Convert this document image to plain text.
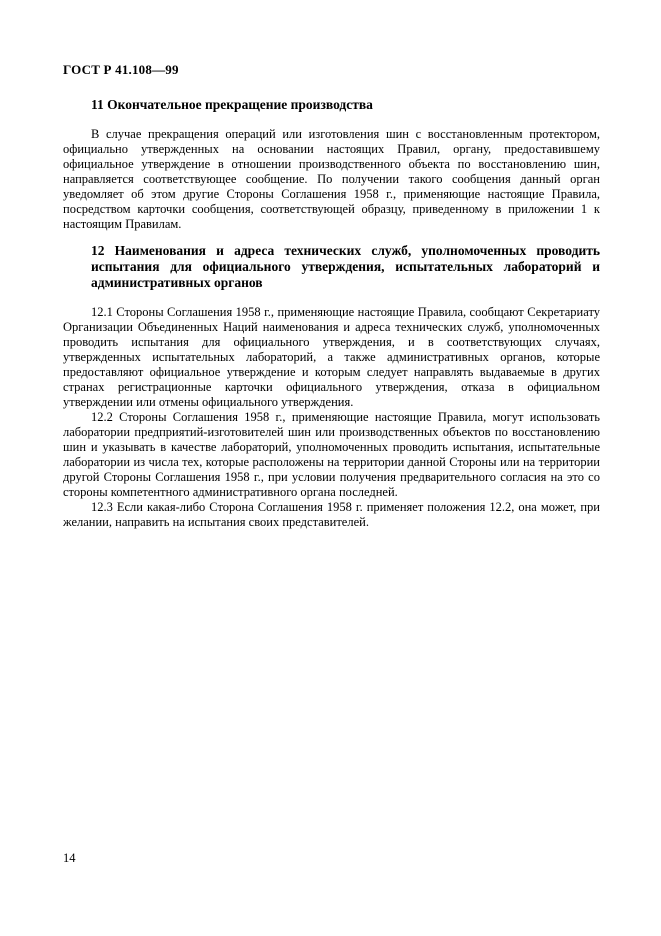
ГОСТ Р 41.108—99
11 Окончательное прекращение производства

В случае прекращения операций или изготовления шин с восстановленным протектором, официально утвержденных на основании настоящих Правил, органу, предоставившему официальное утверждение в отношении производственного объекта по восстановлению шин, направляется соответствующее сообщение. По получении такого сообщения данный орган уведомляет об этом другие Стороны Соглашения 1958 г., применяющие настоящие Правила, посредством карточки сообщения, соответствующей образцу, приведенному в приложении 1 к настоящим Правилам.

12 Наименования и адреса технических служб, уполномоченных проводить испытания для официального утверждения, испытательных лабораторий и административных органов

12.1 Стороны Соглашения 1958 г., применяющие настоящие Правила, сообщают Секретариату Организации Объединенных Наций наименования и адреса технических служб, уполномоченных проводить испытания для официального утверждения, и в соответствующих случаях, утвержденных испытательных лабораторий, а также административных органов, которые предоставляют официальное утверждение и которым следует направлять выдаваемые в других странах регистрационные карточки официального утверждения, отказа в официальном утверждении или отмены официального утверждения.

12.2 Стороны Соглашения 1958 г., применяющие настоящие Правила, могут использовать лаборатории предприятий-изготовителей шин или производственных объектов по восстановлению шин и указывать в качестве лабораторий, уполномоченных проводить испытания, испытательные лаборатории из числа тех, которые расположены на территории данной Стороны или на территории другой Стороны Соглашения 1958 г., при условии получения предварительного согласия на это со стороны компетентного административного органа последней.

12.3 Если какая-либо Сторона Соглашения 1958 г. применяет положения 12.2, она может, при желании, направить на испытания своих представителей.

14
